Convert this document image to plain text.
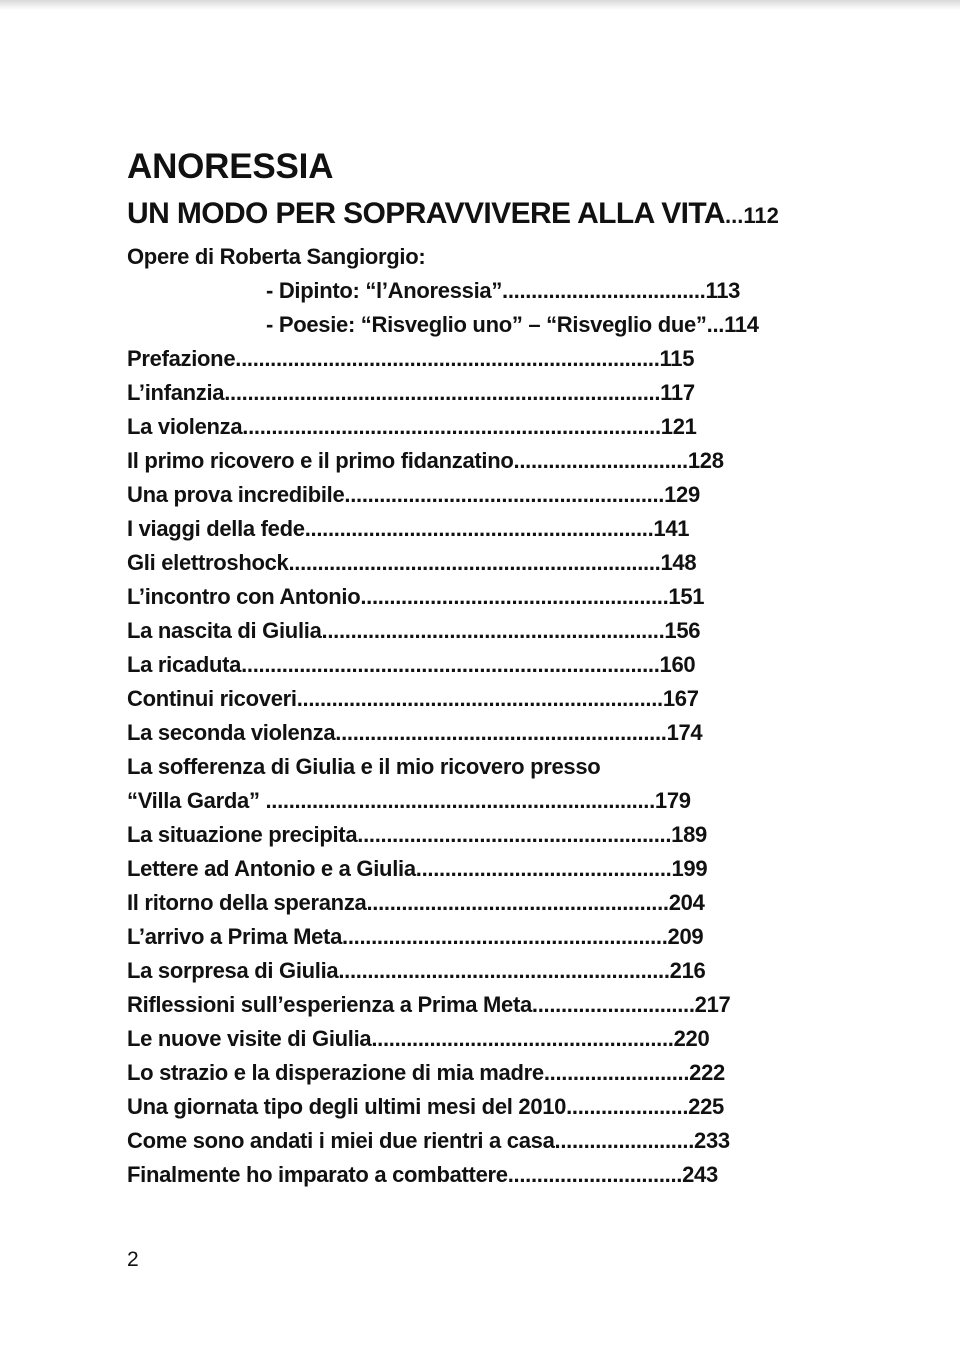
ANORESSIA
UN MODO PER SOPRAVVIVERE ALLA VITA...112
Opere di Roberta Sangiorgio:
- Dipinto: “l’Anoressia”...................................113
- Poesie: “Risveglio uno” – “Risveglio due”...114
Prefazione.........................................................................115
L’infanzia...........................................................................117
La violenza........................................................................121
Il primo ricovero e il primo fidanzatino..............................128
Una prova incredibile.......................................................129
I viaggi della fede............................................................141
Gli elettroshock................................................................148
L’incontro con Antonio.....................................................151
La nascita di Giulia...........................................................156
La ricaduta........................................................................160
Continui ricoveri...............................................................167
La seconda violenza.........................................................174
La sofferenza di Giulia e il mio ricovero presso
“Villa Garda” ...................................................................179
La situazione precipita......................................................189
Lettere ad Antonio e a Giulia............................................199
Il ritorno della speranza....................................................204
L’arrivo a Prima Meta........................................................209
La sorpresa di Giulia.........................................................216
Riflessioni sull’esperienza a Prima Meta............................217
Le nuove visite di Giulia....................................................220
Lo strazio e la disperazione di mia madre.........................222
Una giornata tipo degli ultimi mesi del 2010.....................225
Come sono andati i miei due rientri a casa........................233
Finalmente ho imparato a combattere..............................243
2
